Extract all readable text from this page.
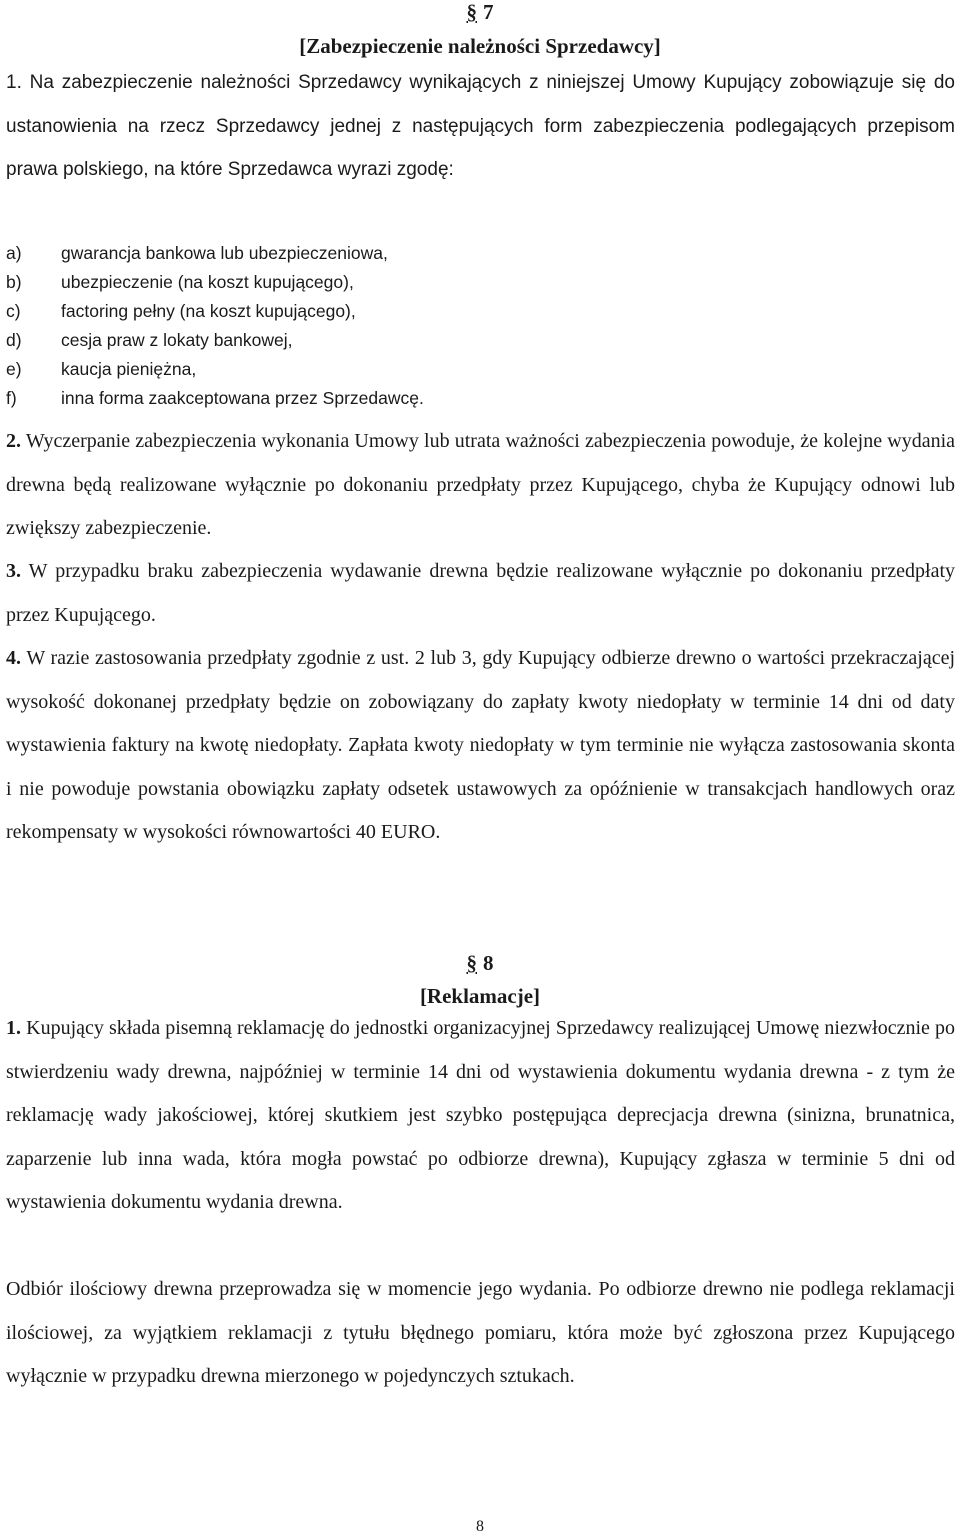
§ 7
[Zabezpieczenie należności Sprzedawcy]
1. Na zabezpieczenie należności Sprzedawcy wynikających z niniejszej Umowy Kupujący zobowiązuje się do ustanowienia na rzecz Sprzedawcy jednej z następujących form zabezpieczenia podlegających przepisom prawa polskiego, na które Sprzedawca wyrazi zgodę:
a)	gwarancja bankowa lub ubezpieczeniowa,
b)	ubezpieczenie (na koszt kupującego),
c)	factoring pełny (na koszt kupującego),
d)	cesja praw z lokaty bankowej,
e)	kaucja pieniężna,
f)	inna forma zaakceptowana przez Sprzedawcę.
2. Wyczerpanie zabezpieczenia wykonania Umowy lub utrata ważności zabezpieczenia powoduje, że kolejne wydania drewna będą realizowane wyłącznie po dokonaniu przedpłaty przez Kupującego, chyba że Kupujący odnowi lub zwiększy zabezpieczenie.
3. W przypadku braku zabezpieczenia wydawanie drewna będzie realizowane wyłącznie po dokonaniu przedpłaty przez Kupującego.
4. W razie zastosowania przedpłaty zgodnie z ust. 2 lub 3, gdy Kupujący odbierze drewno o wartości przekraczającej wysokość dokonanej przedpłaty będzie on zobowiązany do zapłaty kwoty niedopłaty w terminie 14 dni od daty wystawienia faktury na kwotę niedopłaty. Zapłata kwoty niedopłaty w tym terminie nie wyłącza zastosowania skonta i nie powoduje powstania obowiązku zapłaty odsetek ustawowych za opóźnienie w transakcjach handlowych oraz rekompensaty w wysokości równowartości 40 EURO.
§ 8
[Reklamacje]
1. Kupujący składa pisemną reklamację do jednostki organizacyjnej Sprzedawcy realizującej Umowę niezwłocznie po stwierdzeniu wady drewna, najpóźniej w terminie 14 dni od wystawienia dokumentu wydania drewna - z tym że reklamację wady jakościowej, której skutkiem jest szybko postępująca deprecjacja drewna (sinizna, brunatnica, zaparzenie lub inna wada, która mogła powstać po odbiorze drewna), Kupujący zgłasza w terminie 5 dni od wystawienia dokumentu wydania drewna.
Odbiór ilościowy drewna przeprowadza się w momencie jego wydania. Po odbiorze drewno nie podlega reklamacji ilościowej, za wyjątkiem reklamacji z tytułu błędnego pomiaru, która może być zgłoszona przez Kupującego wyłącznie w przypadku drewna mierzonego w pojedynczych sztukach.
8
